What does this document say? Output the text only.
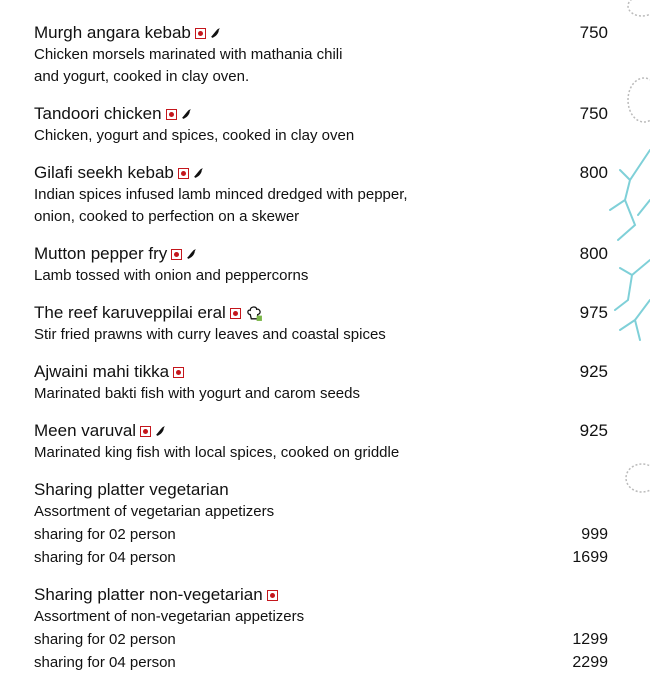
Murgh angara kebab	750
Chicken morsels marinated with mathania chili
and yogurt, cooked in clay oven.
Tandoori chicken	750
Chicken, yogurt and spices, cooked in clay oven
Gilafi seekh kebab	800
Indian spices infused lamb minced dredged with pepper,
onion, cooked to perfection on a skewer
Mutton pepper fry	800
Lamb tossed with onion and peppercorns
The reef karuveppilai eral	975
Stir fried prawns with curry leaves and coastal spices
Ajwaini mahi tikka	925
Marinated bakti fish with yogurt and carom seeds
Meen varuval	925
Marinated king fish with local spices, cooked on griddle
Sharing platter vegetarian
Assortment of vegetarian appetizers
sharing for 02 person	999
sharing for 04 person	1699
Sharing platter non-vegetarian
Assortment of non-vegetarian appetizers
sharing for 02 person	1299
sharing for 04 person	2299
